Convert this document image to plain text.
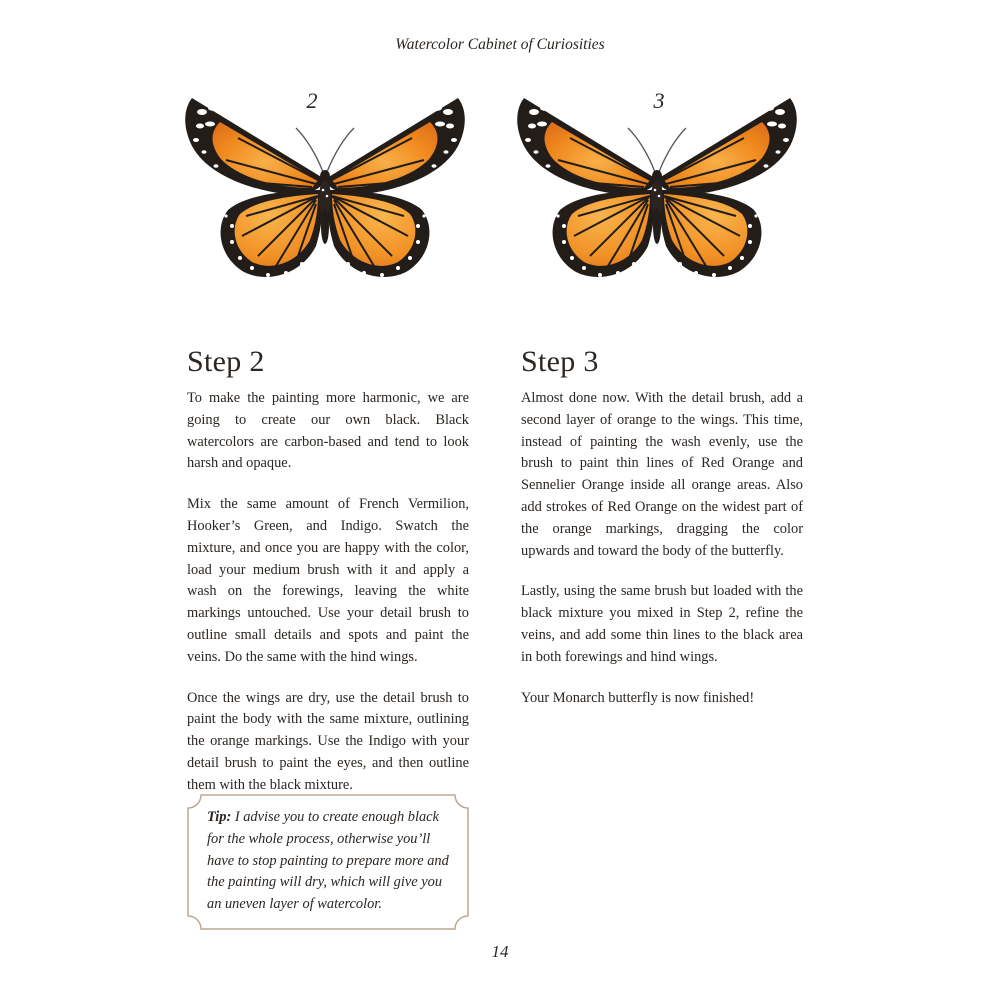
Watercolor Cabinet of Curiosities
2	3
Step 2

To make the painting more harmonic, we are going to create our own black. Black watercolors are carbon-based and tend to look harsh and opaque.

Mix the same amount of French Vermilion, Hooker’s Green, and Indigo. Swatch the mixture, and once you are happy with the color, load your medium brush with it and apply a wash on the forewings, leaving the white markings untouched. Use your detail brush to outline small details and spots and paint the veins. Do the same with the hind wings.

Once the wings are dry, use the detail brush to paint the body with the same mixture, outlining the orange markings. Use the Indigo with your detail brush to paint the eyes, and then outline them with the black mixture.

Tip: I advise you to create enough black for the whole process, otherwise you’ll have to stop painting to prepare more and the painting will dry, which will give you an uneven layer of watercolor.
Step 3

Almost done now. With the detail brush, add a second layer of orange to the wings. This time, instead of painting the wash evenly, use the brush to paint thin lines of Red Orange and Sennelier Orange inside all orange areas. Also add strokes of Red Orange on the widest part of the orange markings, dragging the color upwards and toward the body of the butterfly.

Lastly, using the same brush but loaded with the black mixture you mixed in Step 2, refine the veins, and add some thin lines to the black area in both forewings and hind wings.

Your Monarch butterfly is now finished!

14
